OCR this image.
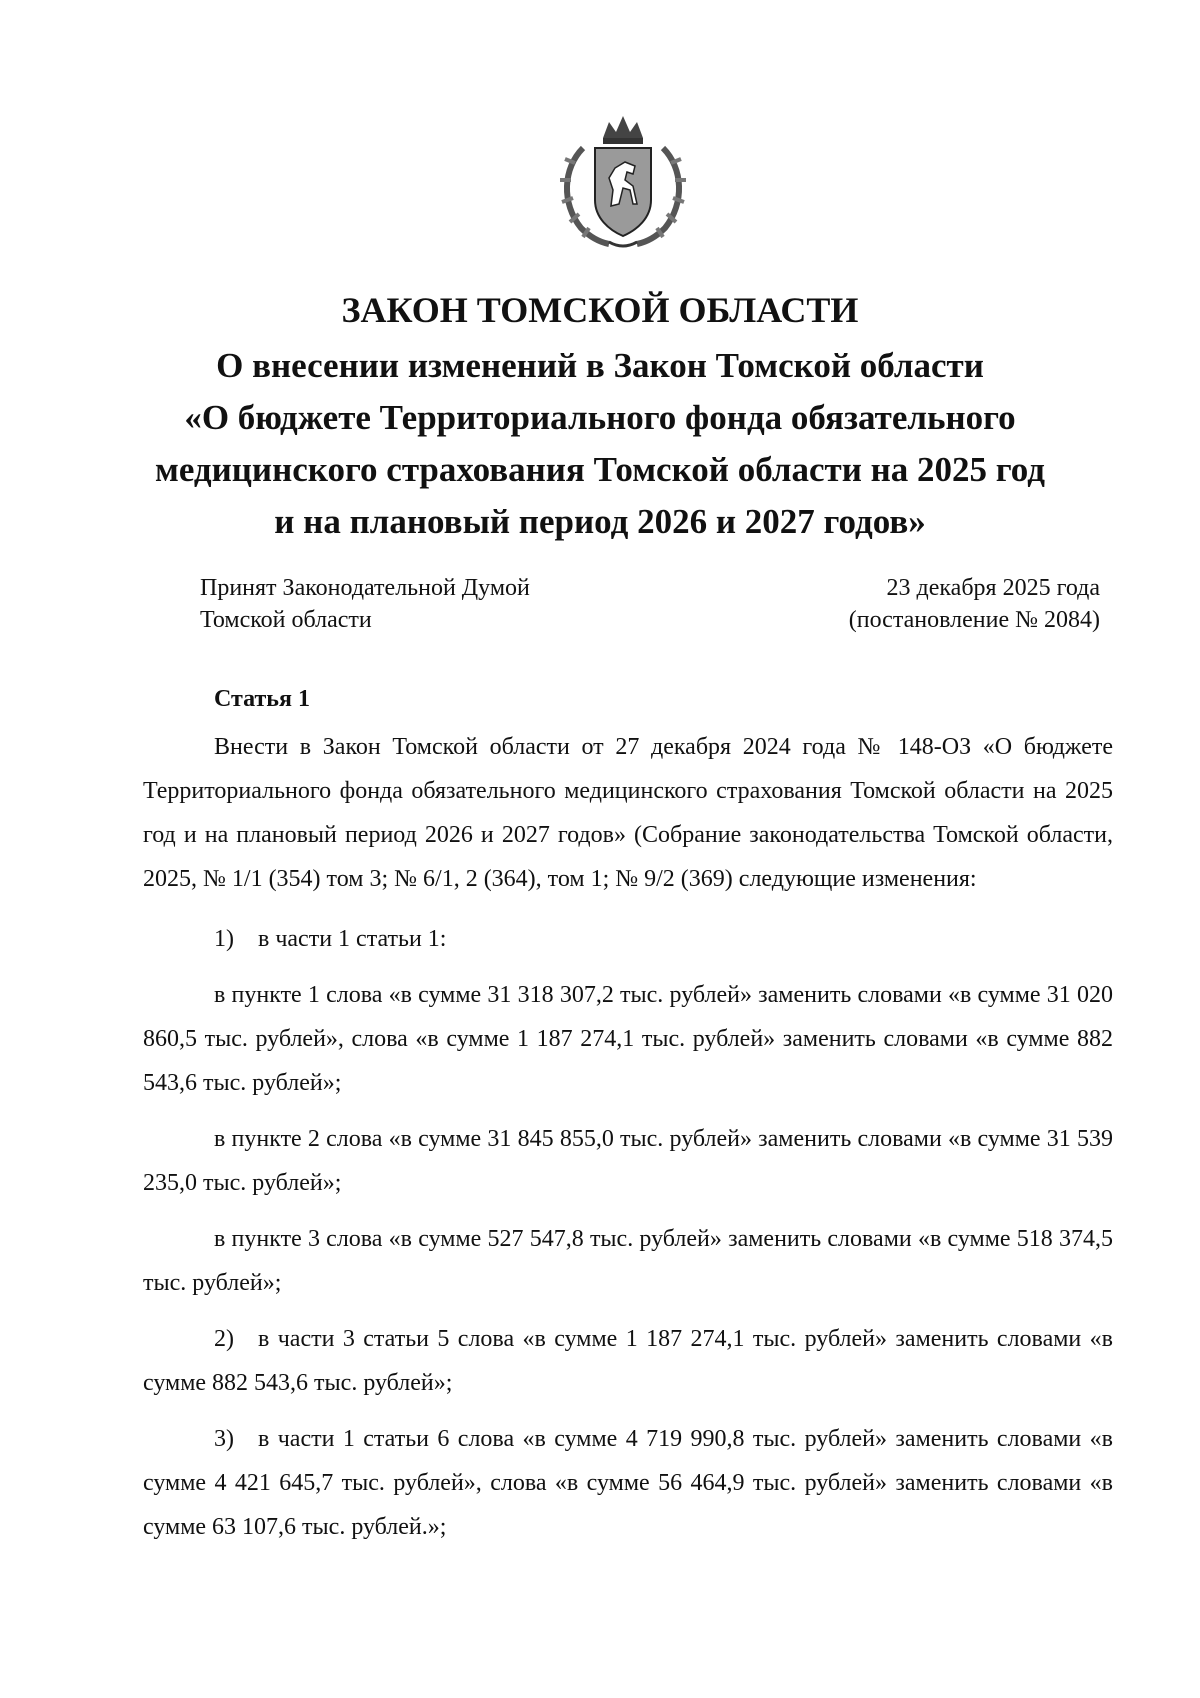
ЗАКОН ТОМСКОЙ ОБЛАСТИ
О внесении изменений в Закон Томской области
«О бюджете Территориального фонда обязательного
медицинского страхования Томской области на 2025 год
и на плановый период 2026 и 2027 годов»
Принят Законодательной Думой
Томской области
23 декабря 2025 года
(постановление № 2084)
Статья 1

Внести в Закон Томской области от 27 декабря 2024 года № 148-ОЗ «О бюджете Территориального фонда обязательного медицинского страхования Томской области на 2025 год и на плановый период 2026 и 2027 годов» (Собрание законодательства Томской области, 2025, № 1/1 (354) том 3; № 6/1, 2 (364), том 1; № 9/2 (369) следующие изменения:

1) в части 1 статьи 1:

в пункте 1 слова «в сумме 31 318 307,2 тыс. рублей» заменить словами «в сумме 31 020 860,5 тыс. рублей», слова «в сумме 1 187 274,1 тыс. рублей» заменить словами «в сумме 882 543,6 тыс. рублей»;

в пункте 2 слова «в сумме 31 845 855,0 тыс. рублей» заменить словами «в сумме 31 539 235,0 тыс. рублей»;

в пункте 3 слова «в сумме 527 547,8 тыс. рублей» заменить словами «в сумме 518 374,5 тыс. рублей»;

2) в части 3 статьи 5 слова «в сумме 1 187 274,1 тыс. рублей» заменить словами «в сумме 882 543,6 тыс. рублей»;

3) в части 1 статьи 6 слова «в сумме 4 719 990,8 тыс. рублей» заменить словами «в сумме 4 421 645,7 тыс. рублей», слова «в сумме 56 464,9 тыс. рублей» заменить словами «в сумме 63 107,6 тыс. рублей.»;
